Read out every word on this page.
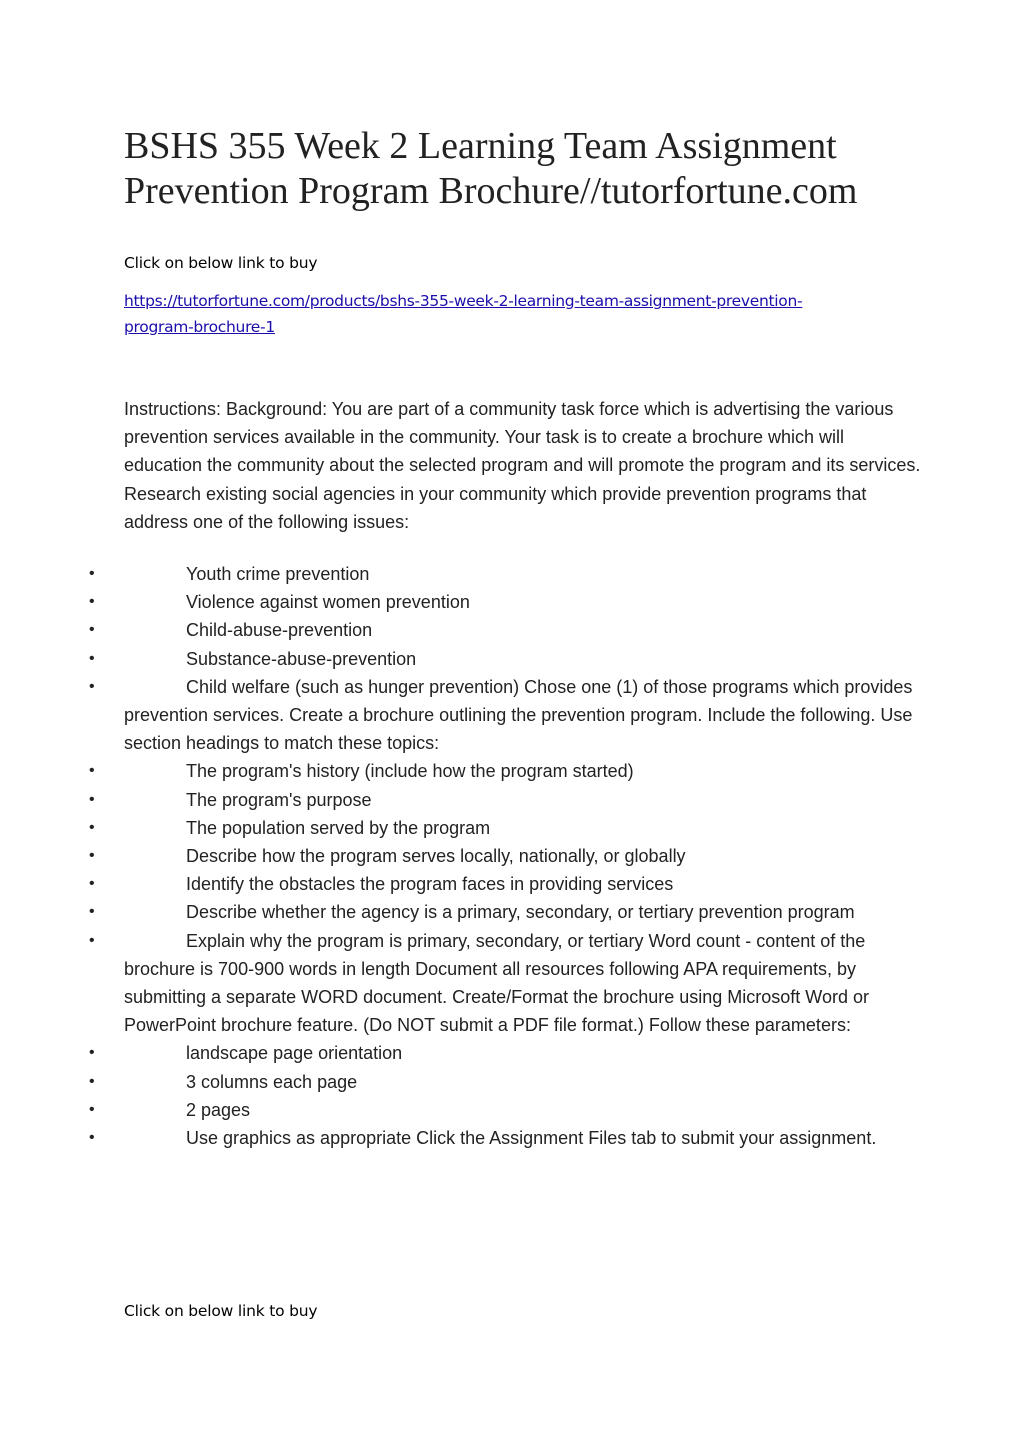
BSHS 355 Week 2 Learning Team Assignment
Prevention Program Brochure//tutorfortune.com
Click on below link to buy
https://tutorfortune.com/products/bshs-355-week-2-learning-team-assignment-prevention-
program-brochure-1
Instructions: Background: You are part of a community task force which is advertising the various prevention services available in the community. Your task is to create a brochure which will education the community about the selected program and will promote the program and its services. Research existing social agencies in your community which provide prevention programs that address one of the following issues:
•	Youth crime prevention
•	Violence against women prevention
•	Child-abuse-prevention
•	Substance-abuse-prevention
•	Child welfare (such as hunger prevention) Chose one (1) of those programs which provides prevention services. Create a brochure outlining the prevention program. Include the following. Use section headings to match these topics:
•	The program's history (include how the program started)
•	The program's purpose
•	The population served by the program
•	Describe how the program serves locally, nationally, or globally
•	Identify the obstacles the program faces in providing services
•	Describe whether the agency is a primary, secondary, or tertiary prevention program
•	Explain why the program is primary, secondary, or tertiary Word count - content of the brochure is 700-900 words in length Document all resources following APA requirements, by submitting a separate WORD document. Create/Format the brochure using Microsoft Word or PowerPoint brochure feature. (Do NOT submit a PDF file format.) Follow these parameters:
•	landscape page orientation
•	3 columns each page
•	2 pages
•	Use graphics as appropriate Click the Assignment Files tab to submit your assignment.
Click on below link to buy
